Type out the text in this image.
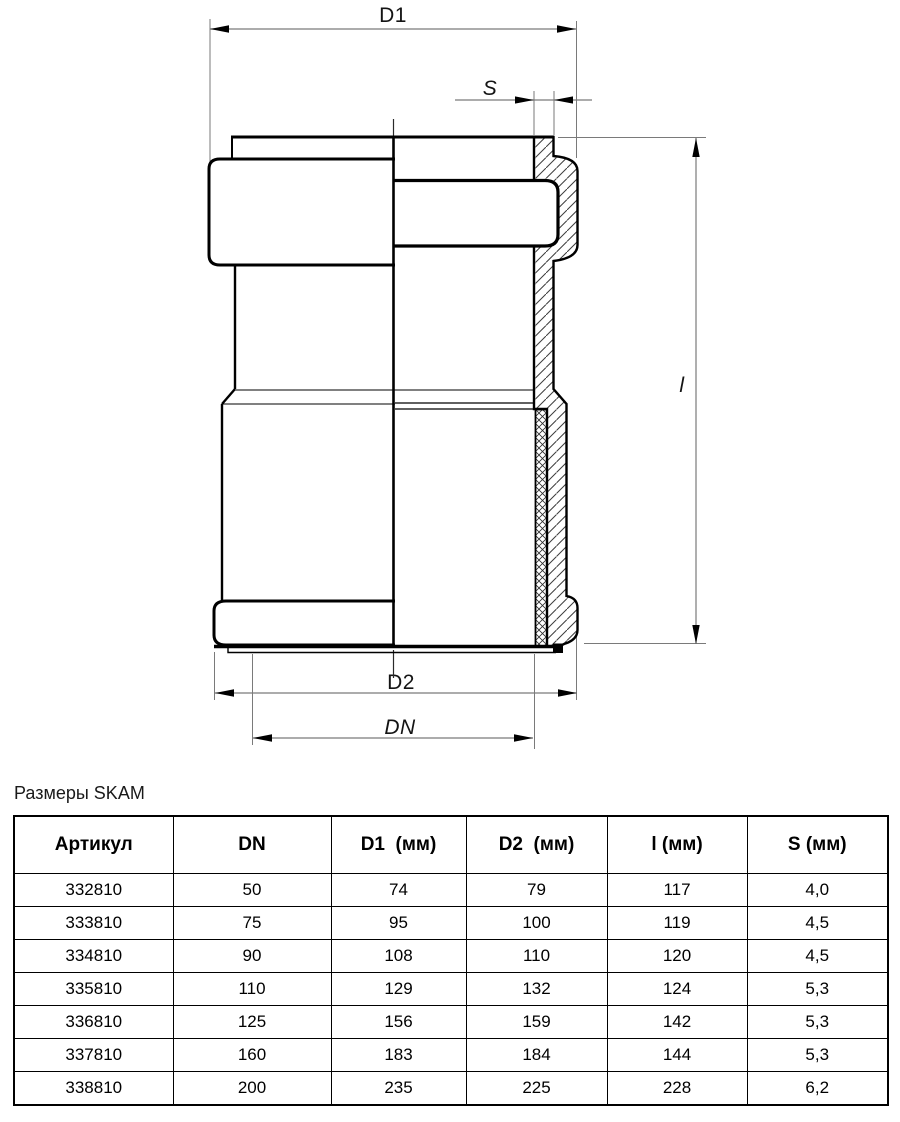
D1
S
l
D2
DN
Размеры SKAM
Артикул	DN	D1  (мм)	D2  (мм)	l (мм)	S (мм)
332810	50	74	79	117	4,0
333810	75	95	100	119	4,5
334810	90	108	110	120	4,5
335810	110	129	132	124	5,3
336810	125	156	159	142	5,3
337810	160	183	184	144	5,3
338810	200	235	225	228	6,2
